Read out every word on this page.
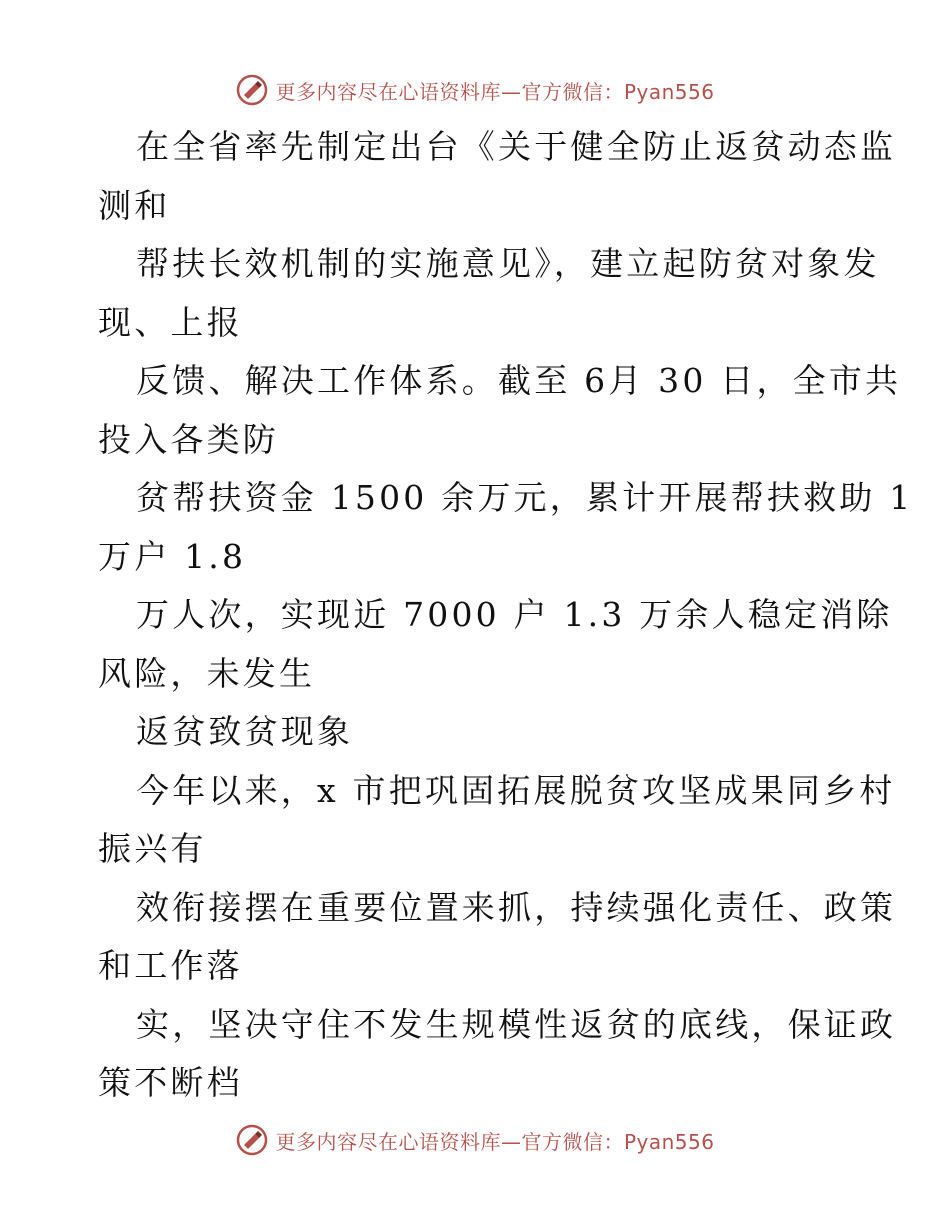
更多内容尽在心语资料库—官方微信：Pyan556
在全省率先制定出台《关于健全防止返贫动态监
测和
帮扶长效机制的实施意见》，建立起防贫对象发
现、上报
反馈、解决工作体系。截至 6月 30 日，全市共
投入各类防
贫帮扶资金 1500 余万元，累计开展帮扶救助 1
万户 1.8
万人次，实现近 7000 户 1.3 万余人稳定消除
风险，未发生
返贫致贫现象
今年以来，x 市把巩固拓展脱贫攻坚成果同乡村
振兴有
效衔接摆在重要位置来抓，持续强化责任、政策
和工作落
实，坚决守住不发生规模性返贫的底线，保证政
策不断档
更多内容尽在心语资料库—官方微信：Pyan556
